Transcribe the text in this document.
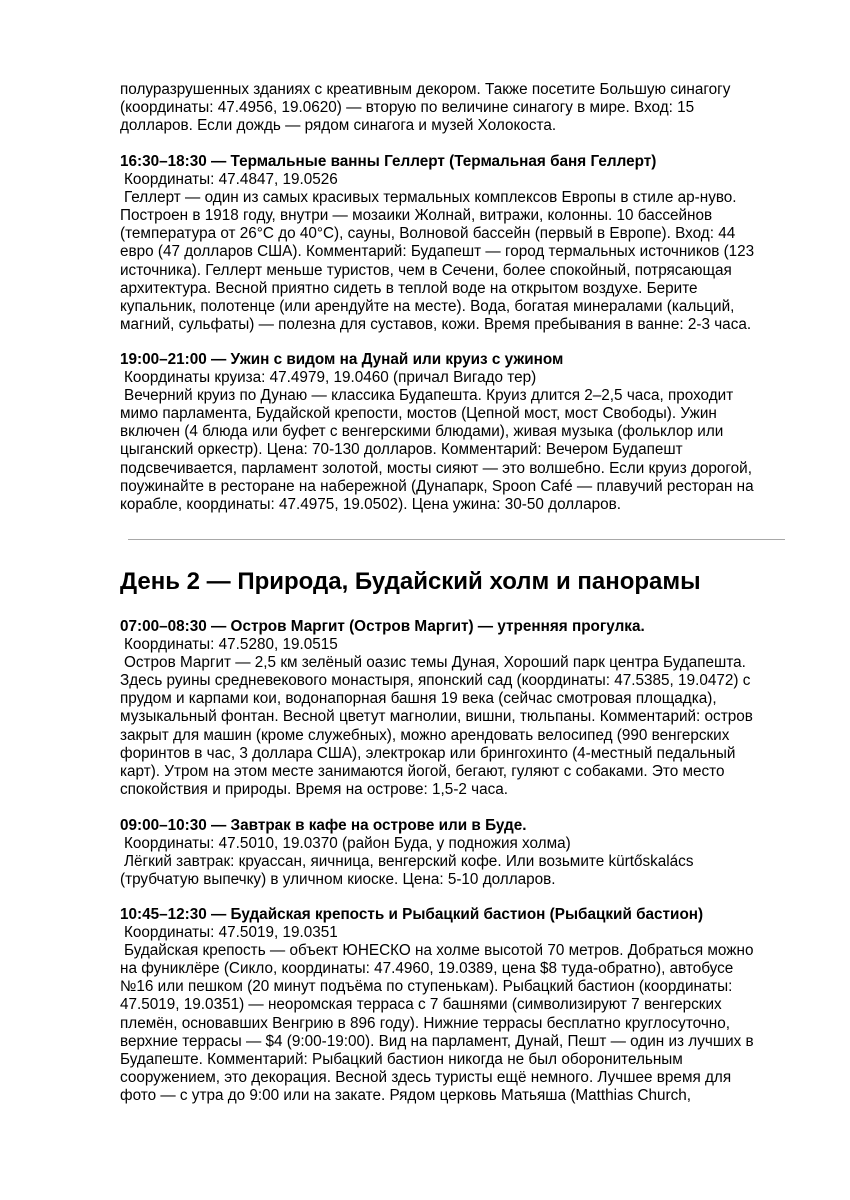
полуразрушенных зданиях с креативным декором. Также посетите Большую синагогу
(координаты: 47.4956, 19.0620) — вторую по величине синагогу в мире. Вход: 15
долларов. Если дождь — рядом синагога и музей Холокоста.

16:30–18:30 — Термальные ванны Геллерт (Термальная баня Геллерт)

Координаты: 47.4847, 19.0526

Геллерт — один из самых красивых термальных комплексов Европы в стиле ар-нуво.
Построен в 1918 году, внутри — мозаики Жолнай, витражи, колонны. 10 бассейнов
(температура от 26°C до 40°C), сауны, Волновой бассейн (первый в Европе). Вход: 44
евро (47 долларов США). Комментарий: Будапешт — город термальных источников (123
источника). Геллерт меньше туристов, чем в Сечени, более спокойный, потрясающая
архитектура. Весной приятно сидеть в теплой воде на открытом воздухе. Берите
купальник, полотенце (или арендуйте на месте). Вода, богатая минералами (кальций,
магний, сульфаты) — полезна для суставов, кожи. Время пребывания в ванне: 2-3 часа.

19:00–21:00 — Ужин с видом на Дунай или круиз с ужином

Координаты круиза: 47.4979, 19.0460 (причал Вигадо тер)

Вечерний круиз по Дунаю — классика Будапешта. Круиз длится 2–2,5 часа, проходит
мимо парламента, Будайской крепости, мостов (Цепной мост, мост Свободы). Ужин
включен (4 блюда или буфет с венгерскими блюдами), живая музыка (фольклор или
цыганский оркестр). Цена: 70-130 долларов. Комментарий: Вечером Будапешт
подсвечивается, парламент золотой, мосты сияют — это волшебно. Если круиз дорогой,
поужинайте в ресторане на набережной (Дунапарк, Spoon Café — плавучий ресторан на
корабле, координаты: 47.4975, 19.0502). Цена ужина: 30-50 долларов.

День 2 — Природа, Будайский холм и панорамы

07:00–08:30 — Остров Маргит (Остров Маргит) — утренняя прогулка.

Координаты: 47.5280, 19.0515

Остров Маргит — 2,5 км зелёный оазис темы Дуная, Хороший парк центра Будапешта.
Здесь руины средневекового монастыря, японский сад (координаты: 47.5385, 19.0472) с
прудом и карпами кои, водонапорная башня 19 века (сейчас смотровая площадка),
музыкальный фонтан. Весной цветут магнолии, вишни, тюльпаны. Комментарий: остров
закрыт для машин (кроме служебных), можно арендовать велосипед (990 венгерских
форинтов в час, 3 доллара США), электрокар или брингохинто (4-местный педальный
карт). Утром на этом месте занимаются йогой, бегают, гуляют с собаками. Это место
спокойствия и природы. Время на острове: 1,5-2 часа.

09:00–10:30 — Завтрак в кафе на острове или в Буде.

Координаты: 47.5010, 19.0370 (район Буда, у подножия холма)

Лёгкий завтрак: круассан, яичница, венгерский кофе. Или возьмите kürtőskalács
(трубчатую выпечку) в уличном киоске. Цена: 5-10 долларов.

10:45–12:30 — Будайская крепость и Рыбацкий бастион (Рыбацкий бастион)

Координаты: 47.5019, 19.0351

Будайская крепость — объект ЮНЕСКО на холме высотой 70 метров. Добраться можно
на фуниклёре (Сикло, координаты: 47.4960, 19.0389, цена $8 туда-обратно), автобусе
№16 или пешком (20 минут подъёма по ступенькам). Рыбацкий бастион (координаты:
47.5019, 19.0351) — неоромская терраса с 7 башнями (символизируют 7 венгерских
племён, основавших Венгрию в 896 году). Нижние террасы бесплатно круглосуточно,
верхние террасы — $4 (9:00-19:00). Вид на парламент, Дунай, Пешт — один из лучших в
Будапеште. Комментарий: Рыбацкий бастион никогда не был оборонительным
сооружением, это декорация. Весной здесь туристы ещё немного. Лучшее время для
фото — с утра до 9:00 или на закате. Рядом церковь Матьяша (Matthias Church,
